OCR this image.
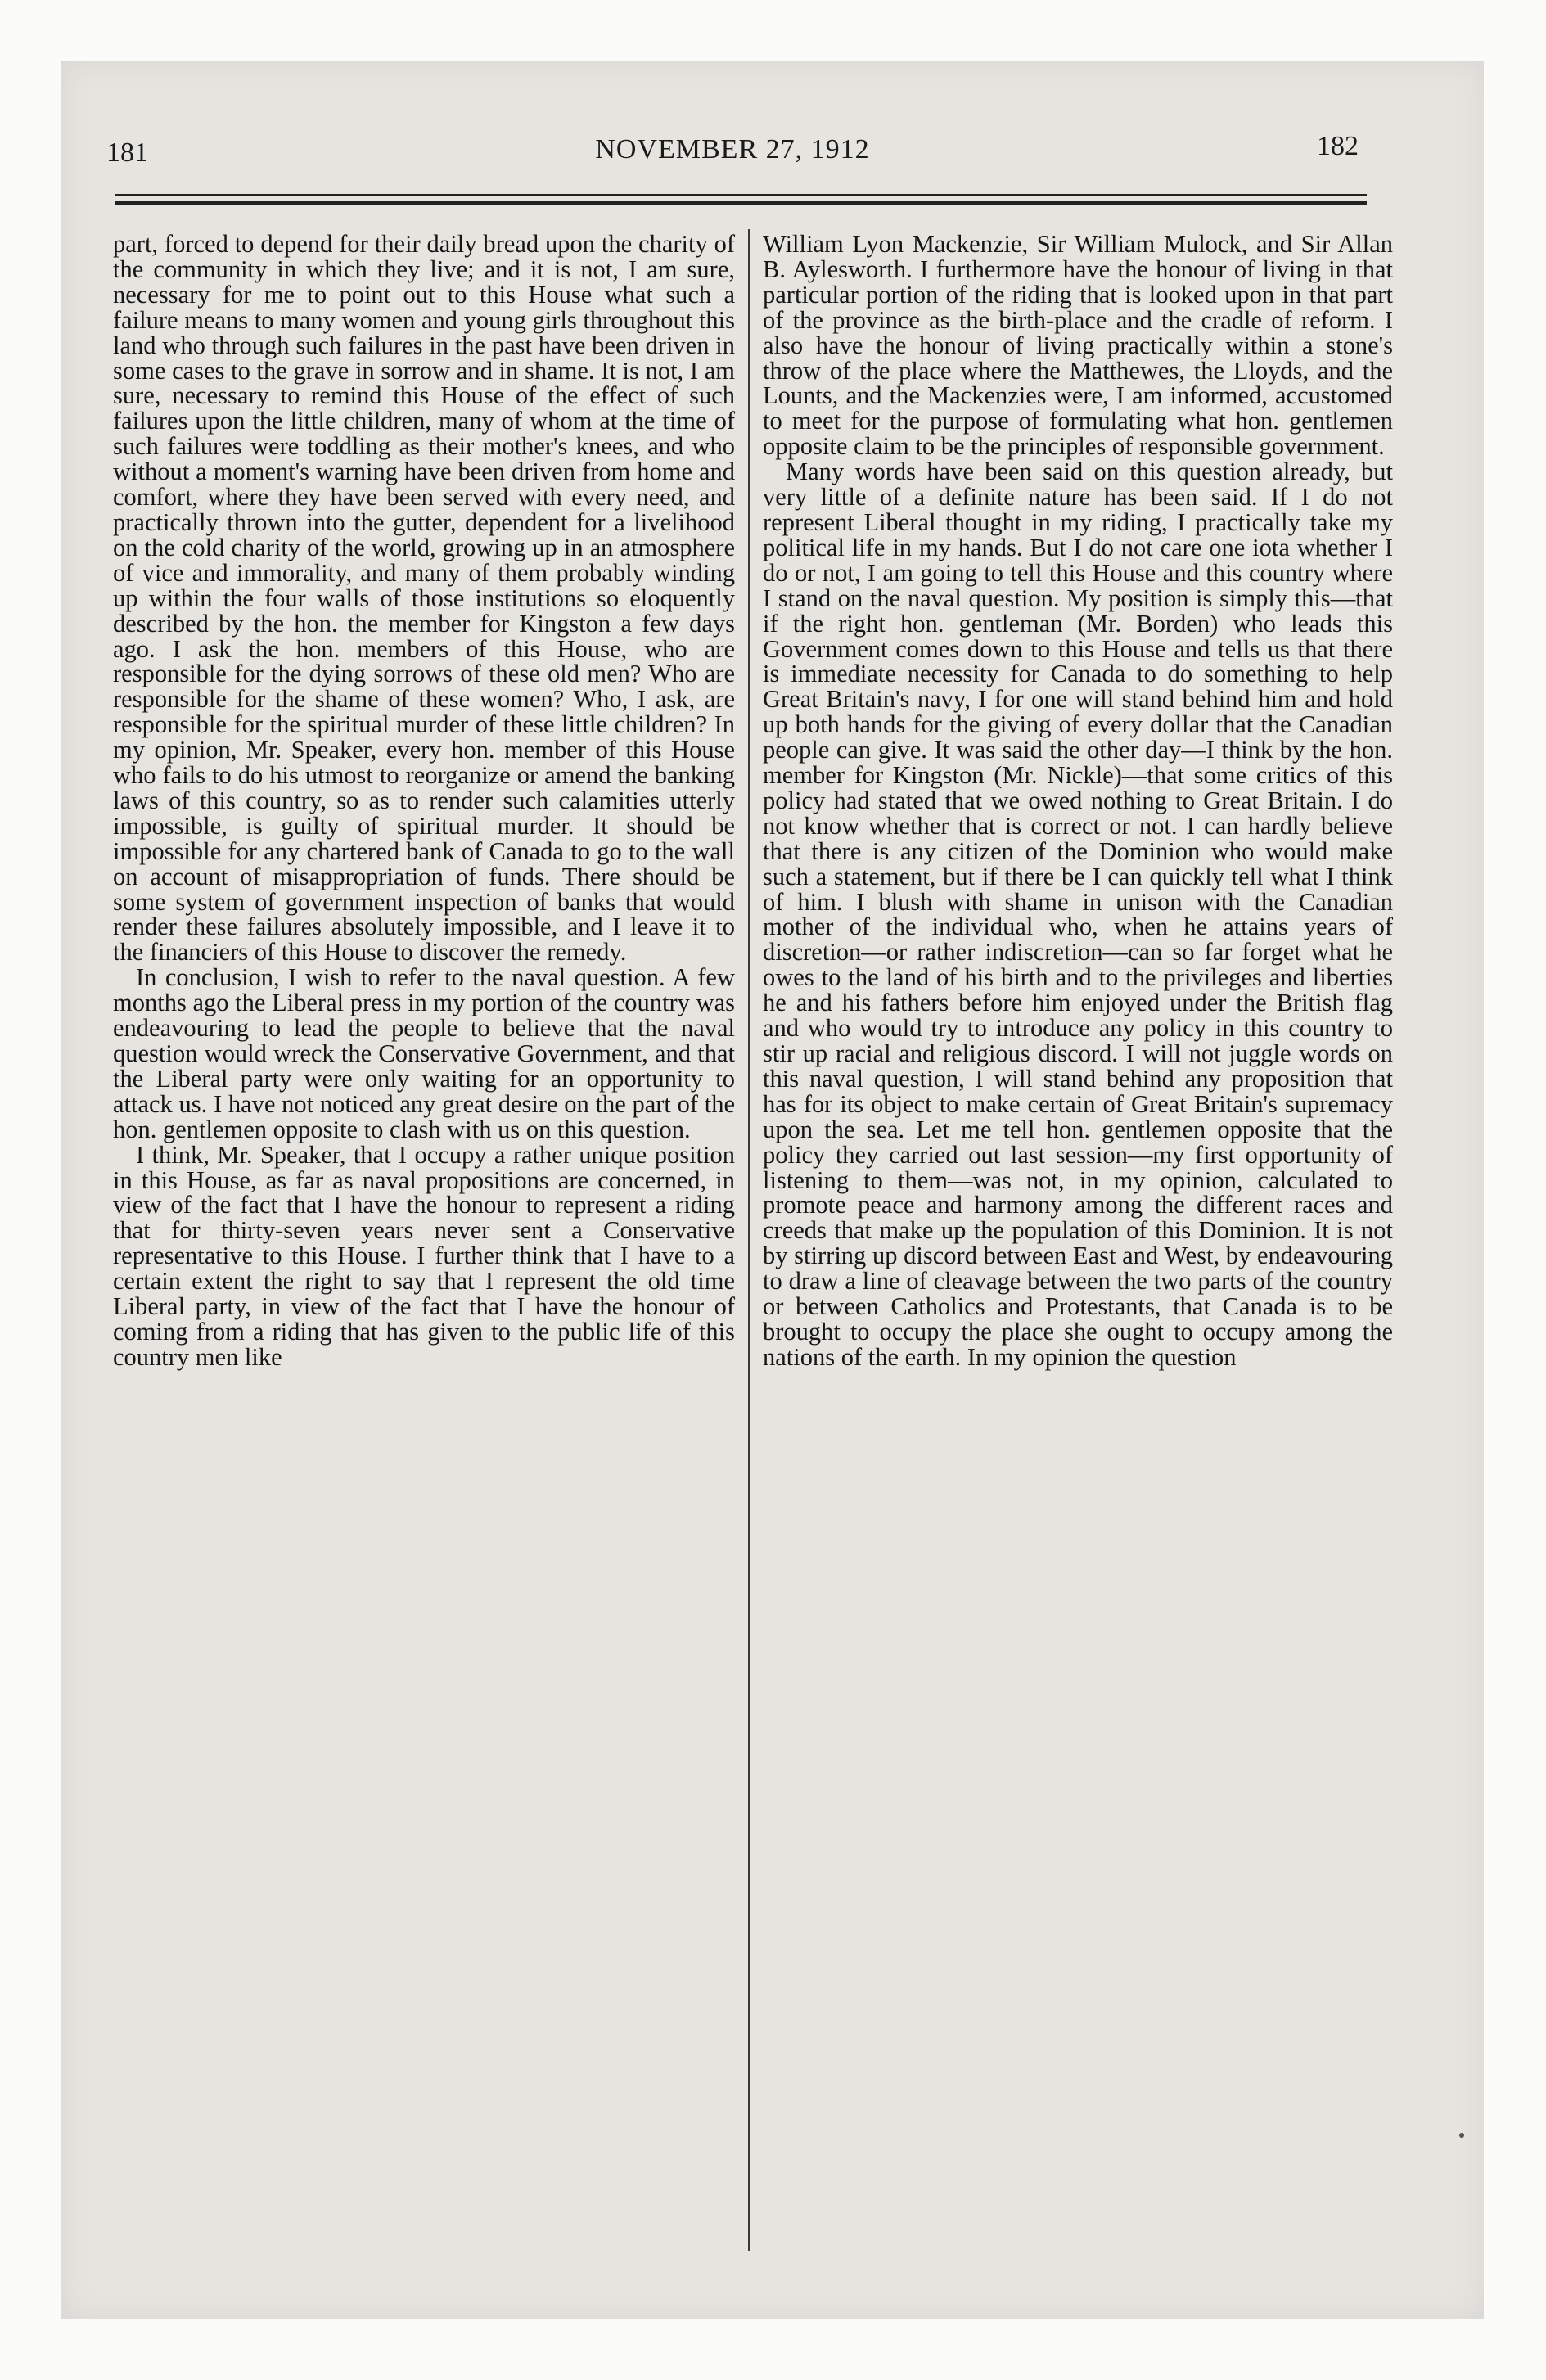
181	NOVEMBER 27, 1912	182

part, forced to depend for their daily bread upon the charity of the community in which they live; and it is not, I am sure, necessary for me to point out to this House what such a failure means to many women and young girls throughout this land who through such failures in the past have been driven in some cases to the grave in sorrow and in shame. It is not, I am sure, necessary to remind this House of the effect of such failures upon the little children, many of whom at the time of such failures were toddling as their mother's knees, and who without a moment's warning have been driven from home and comfort, where they have been served with every need, and practically thrown into the gutter, dependent for a livelihood on the cold charity of the world, growing up in an atmosphere of vice and immorality, and many of them probably winding up within the four walls of those institutions so eloquently described by the hon. the member for Kingston a few days ago. I ask the hon. members of this House, who are responsible for the dying sorrows of these old men? Who are responsible for the shame of these women? Who, I ask, are responsible for the spiritual murder of these little children? In my opinion, Mr. Speaker, every hon. member of this House who fails to do his utmost to reorganize or amend the banking laws of this country, so as to render such calamities utterly impossible, is guilty of spiritual murder. It should be impossible for any chartered bank of Canada to go to the wall on account of misappropriation of funds. There should be some system of government inspection of banks that would render these failures absolutely impossible, and I leave it to the financiers of this House to discover the remedy.

In conclusion, I wish to refer to the naval question. A few months ago the Liberal press in my portion of the country was endeavouring to lead the people to believe that the naval question would wreck the Conservative Government, and that the Liberal party were only waiting for an opportunity to attack us. I have not noticed any great desire on the part of the hon. gentlemen opposite to clash with us on this question.

I think, Mr. Speaker, that I occupy a rather unique position in this House, as far as naval propositions are concerned, in view of the fact that I have the honour to represent a riding that for thirty-seven years never sent a Conservative representative to this House. I further think that I have to a certain extent the right to say that I represent the old time Liberal party, in view of the fact that I have the honour of coming from a riding that has given to the public life of this country men like

William Lyon Mackenzie, Sir William Mulock, and Sir Allan B. Aylesworth. I furthermore have the honour of living in that particular portion of the riding that is looked upon in that part of the province as the birth-place and the cradle of reform. I also have the honour of living practically within a stone's throw of the place where the Matthewes, the Lloyds, and the Lounts, and the Mackenzies were, I am informed, accustomed to meet for the purpose of formulating what hon. gentlemen opposite claim to be the principles of responsible government.

Many words have been said on this question already, but very little of a definite nature has been said. If I do not represent Liberal thought in my riding, I practically take my political life in my hands. But I do not care one iota whether I do or not, I am going to tell this House and this country where I stand on the naval question. My position is simply this—that if the right hon. gentleman (Mr. Borden) who leads this Government comes down to this House and tells us that there is immediate necessity for Canada to do something to help Great Britain's navy, I for one will stand behind him and hold up both hands for the giving of every dollar that the Canadian people can give. It was said the other day—I think by the hon. member for Kingston (Mr. Nickle)—that some critics of this policy had stated that we owed nothing to Great Britain. I do not know whether that is correct or not. I can hardly believe that there is any citizen of the Dominion who would make such a statement, but if there be I can quickly tell what I think of him. I blush with shame in unison with the Canadian mother of the individual who, when he attains years of discretion—or rather indiscretion—can so far forget what he owes to the land of his birth and to the privileges and liberties he and his fathers before him enjoyed under the British flag and who would try to introduce any policy in this country to stir up racial and religious discord. I will not juggle words on this naval question, I will stand behind any proposition that has for its object to make certain of Great Britain's supremacy upon the sea. Let me tell hon. gentlemen opposite that the policy they carried out last session—my first opportunity of listening to them—was not, in my opinion, calculated to promote peace and harmony among the different races and creeds that make up the population of this Dominion. It is not by stirring up discord between East and West, by endeavouring to draw a line of cleavage between the two parts of the country or between Catholics and Protestants, that Canada is to be brought to occupy the place she ought to occupy among the nations of the earth. In my opinion the question
